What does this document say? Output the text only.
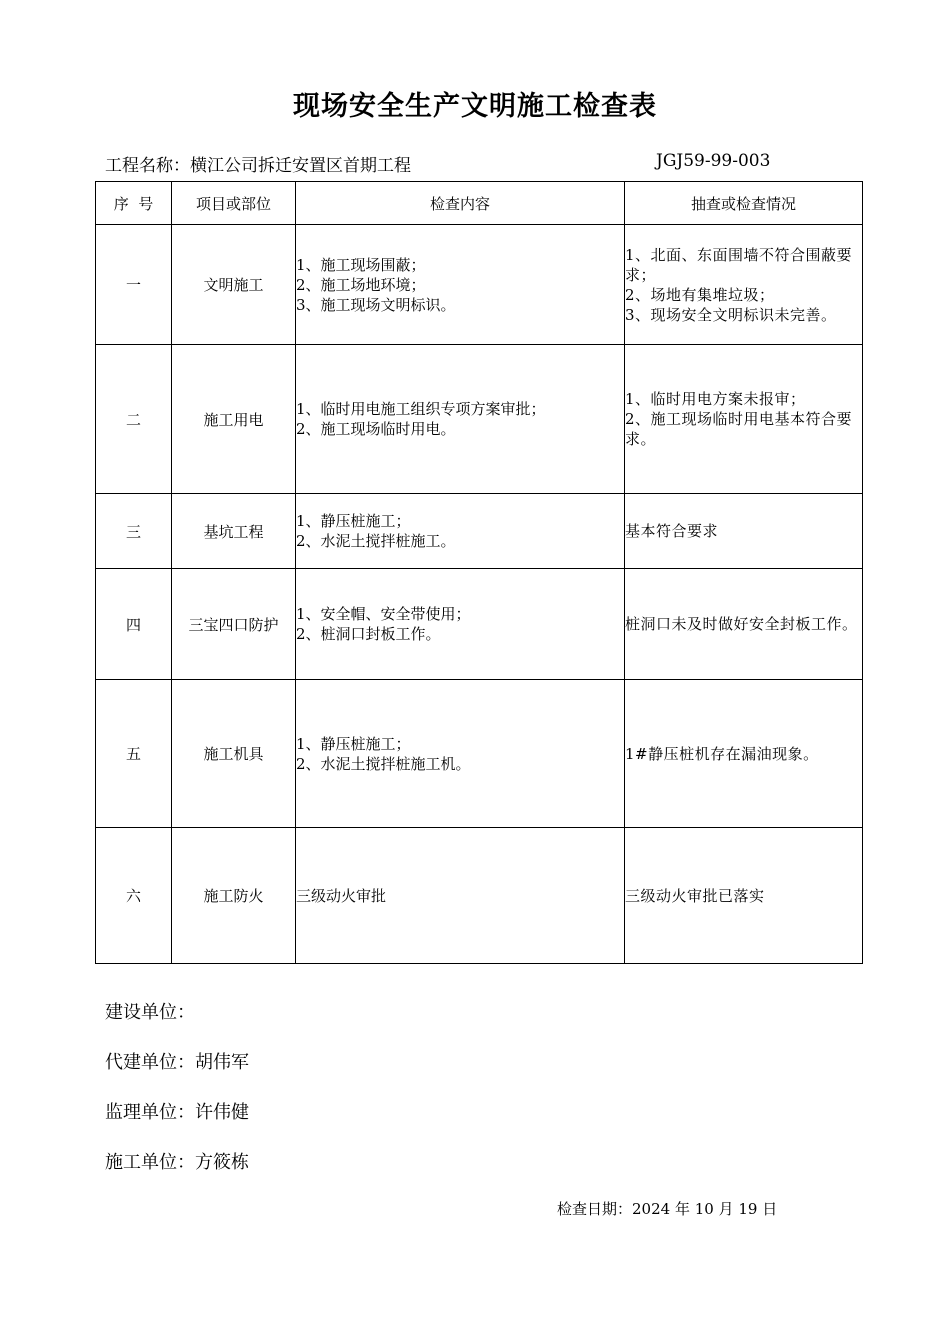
现场安全生产文明施工检查表
工程名称：横江公司拆迁安置区首期工程	JGJ59-99-003
序  号	项目或部位	检查内容	抽查或检查情况
一	文明施工	1、施工现场围蔽；
2、施工场地环境；
3、施工现场文明标识。	1、北面、东面围墙不符合围蔽要求；
2、场地有集堆垃圾；
3、现场安全文明标识未完善。

二	施工用电	1、临时用电施工组织专项方案审批；
2、施工现场临时用电。	1、临时用电方案未报审；
2、施工现场临时用电基本符合要求。

三	基坑工程	1、静压桩施工；
2、水泥土搅拌桩施工。	基本符合要求

四	三宝四口防护	1、安全帽、安全带使用；
2、桩洞口封板工作。	桩洞口未及时做好安全封板工作。

五	施工机具	1、静压桩施工；
2、水泥土搅拌桩施工机。	1#静压桩机存在漏油现象。

六	施工防火	三级动火审批	三级动火审批已落实
建设单位：
代建单位：胡伟军
监理单位：许伟健
施工单位：方筱栋
检查日期：2024 年 10 月 19 日
